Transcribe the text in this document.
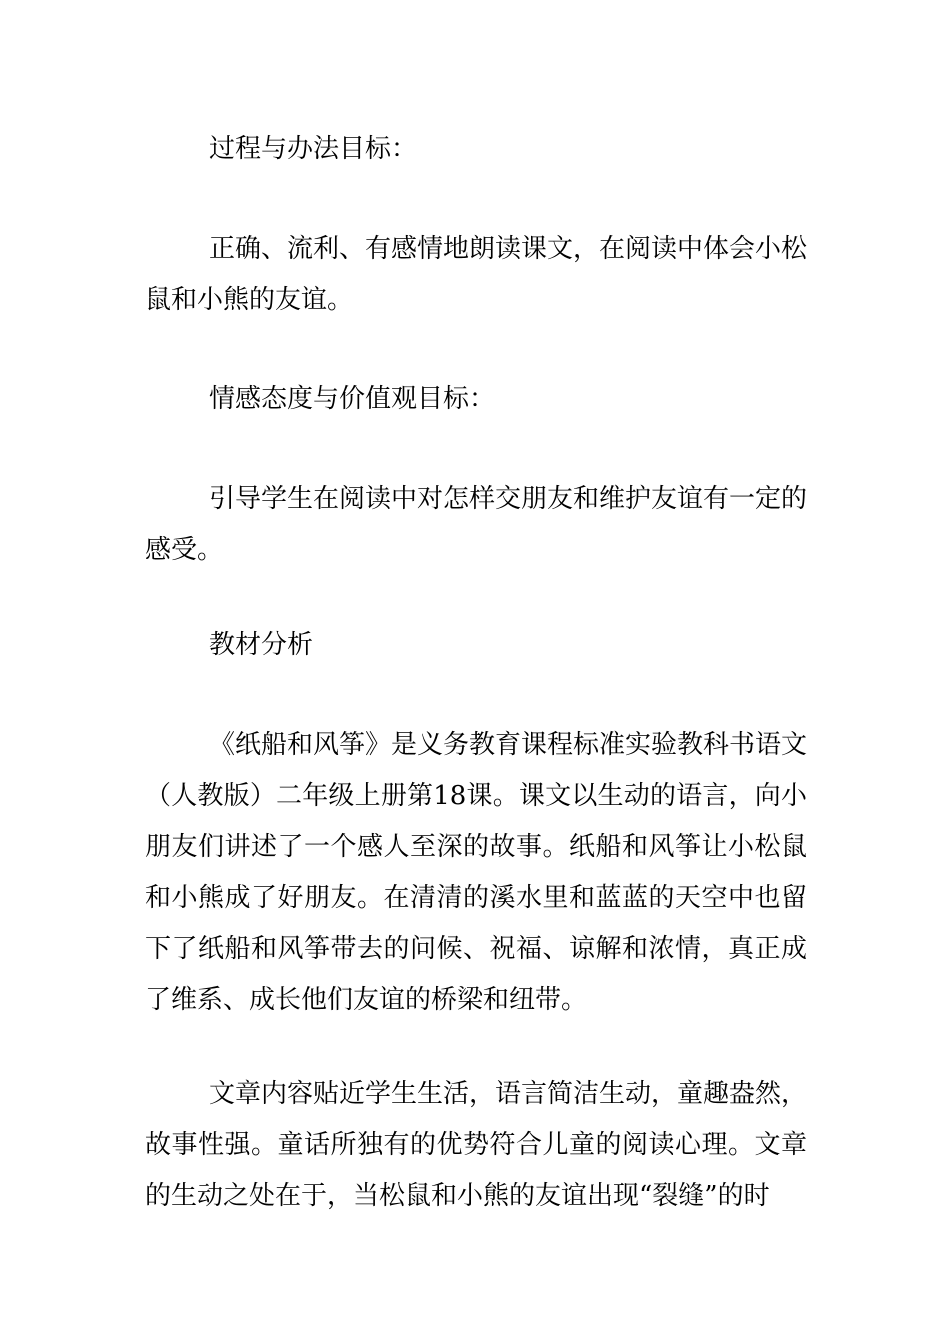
过程与办法目标：

正确、流利、有感情地朗读课文，在阅读中体会小松鼠和小熊的友谊。

情感态度与价值观目标：

引导学生在阅读中对怎样交朋友和维护友谊有一定的感受。

教材分析

《纸船和风筝》是义务教育课程标准实验教科书语文（人教版）二年级上册第18课。课文以生动的语言，向小朋友们讲述了一个感人至深的故事。纸船和风筝让小松鼠和小熊成了好朋友。在清清的溪水里和蓝蓝的天空中也留下了纸船和风筝带去的问候、祝福、谅解和浓情，真正成了维系、成长他们友谊的桥梁和纽带。

文章内容贴近学生生活，语言简洁生动，童趣盎然，故事性强。童话所独有的优势符合儿童的阅读心理。文章的生动之处在于，当松鼠和小熊的友谊出现“裂缝”的时
